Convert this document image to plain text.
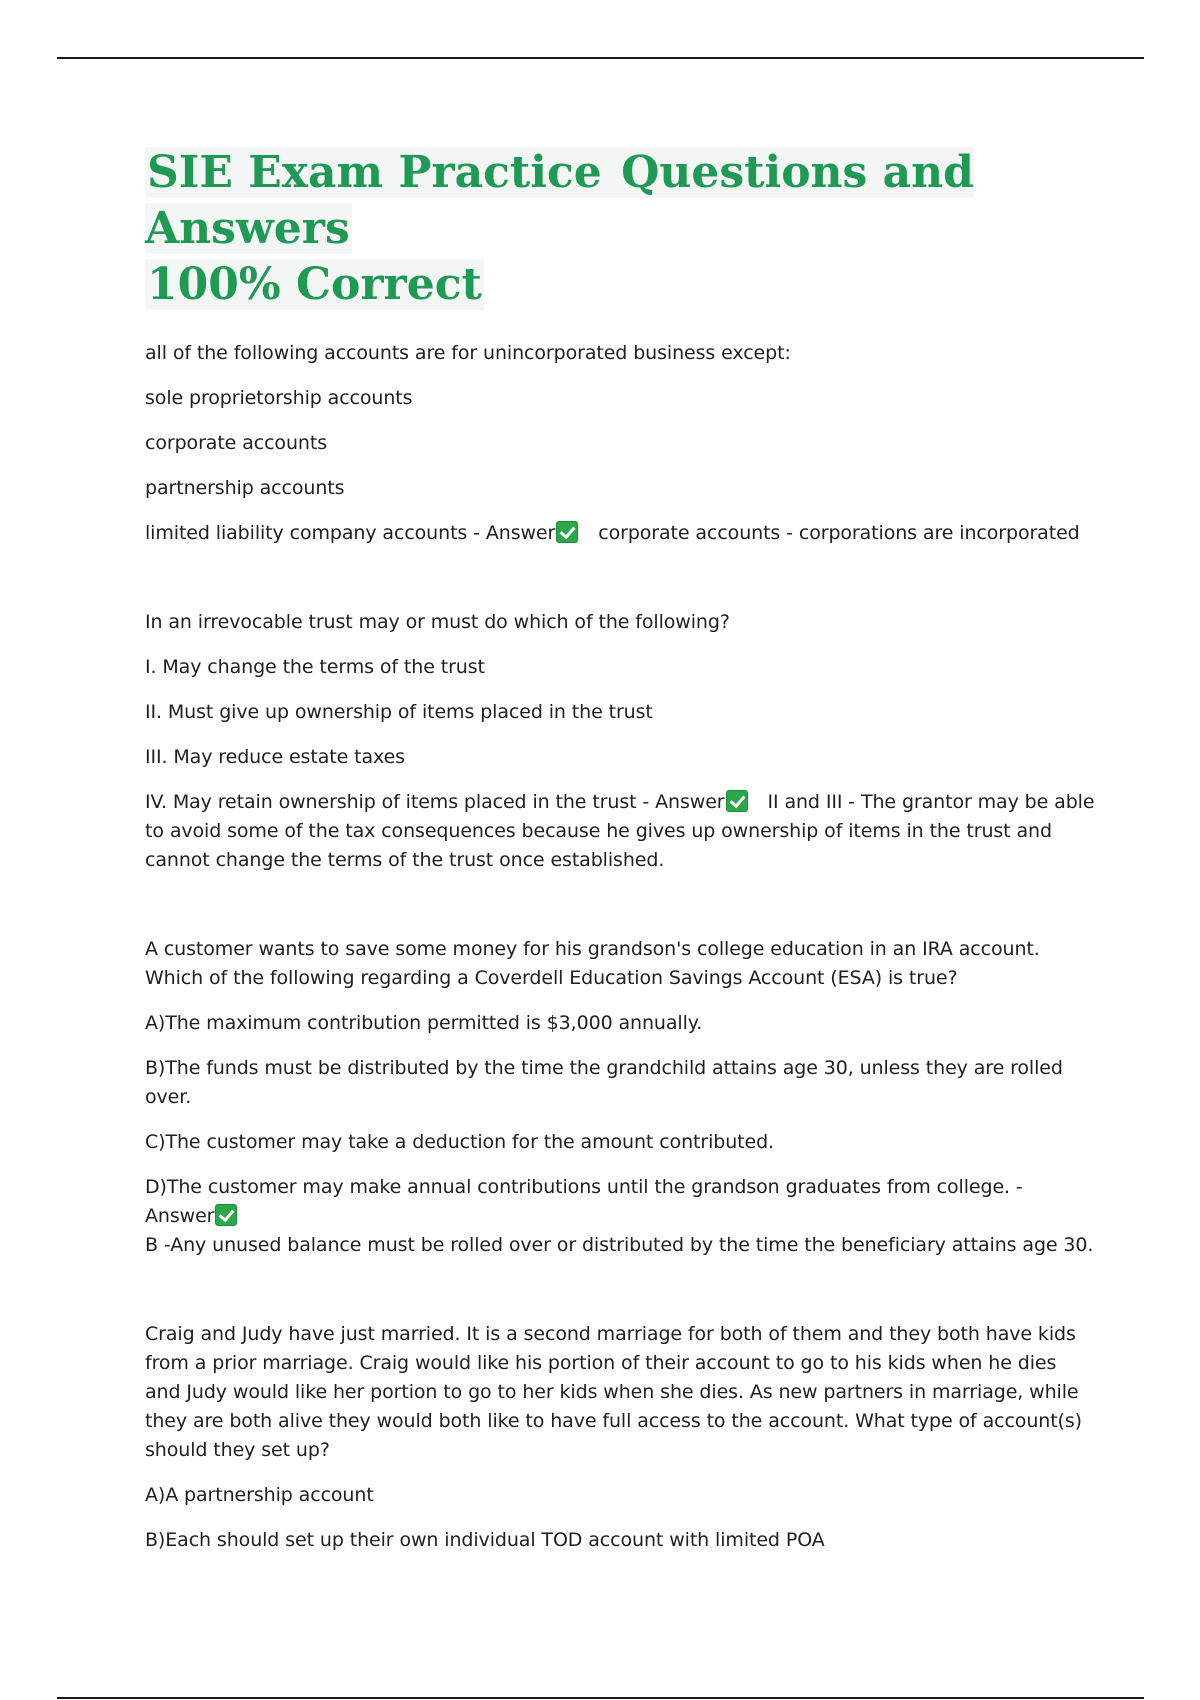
SIE Exam Practice Questions and Answers
100% Correct

all of the following accounts are for unincorporated business except:

sole proprietorship accounts

corporate accounts

partnership accounts

limited liability company accounts - Answer corporate accounts - corporations are incorporated

In an irrevocable trust may or must do which of the following?

I. May change the terms of the trust

II. Must give up ownership of items placed in the trust

III. May reduce estate taxes

IV. May retain ownership of items placed in the trust - Answer II and III - The grantor may be able to avoid some of the tax consequences because he gives up ownership of items in the trust and cannot change the terms of the trust once established.

A customer wants to save some money for his grandson's college education in an IRA account. Which of the following regarding a Coverdell Education Savings Account (ESA) is true?

A)The maximum contribution permitted is $3,000 annually.

B)The funds must be distributed by the time the grandchild attains age 30, unless they are rolled over.

C)The customer may take a deduction for the amount contributed.

D)The customer may make annual contributions until the grandson graduates from college. - Answer
B -Any unused balance must be rolled over or distributed by the time the beneficiary attains age 30.

Craig and Judy have just married. It is a second marriage for both of them and they both have kids from a prior marriage. Craig would like his portion of their account to go to his kids when he dies and Judy would like her portion to go to her kids when she dies. As new partners in marriage, while they are both alive they would both like to have full access to the account. What type of account(s) should they set up?

A)A partnership account

B)Each should set up their own individual TOD account with limited POA
